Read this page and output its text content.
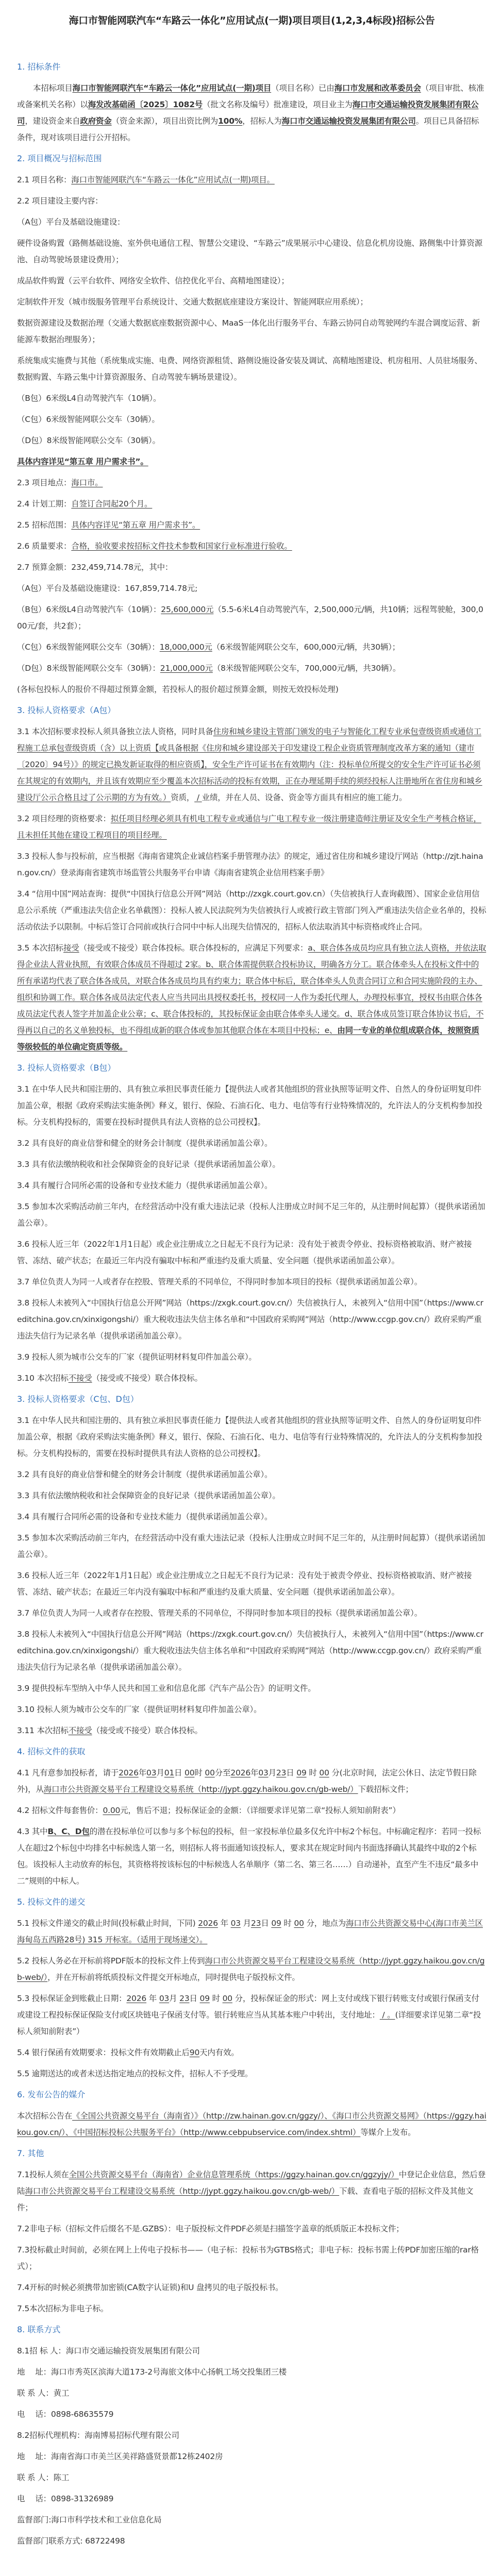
海口市智能网联汽车“车路云一体化”应用试点(一期)项目项目(1,2,3,4标段)招标公告
1. 招标条件

本招标项目海口市智能网联汽车“车路云一体化”应用试点(一期)项目（项目名称）已由海口市发展和改革委员会（项目审批、核准或备案机关名称）以海发改基础函〔2025〕1082号（批文名称及编号）批准建设，项目业主为海口市交通运输投资发展集团有限公司，建设资金来自政府资金（资金来源），项目出资比例为100%，招标人为海口市交通运输投资发展集团有限公司。项目已具备招标条件，现对该项目进行公开招标。

2. 项目概况与招标范围

2.1 项目名称：海口市智能网联汽车“车路云一体化”应用试点(一期)项目。

2.2 项目建设主要内容：

（A包）平台及基础设施建设：

硬件设备购置（路侧基础设施、室外供电通信工程、智慧公交建设、“车路云”成果展示中心建设、信息化机房设施、路侧集中计算资源池、自动驾驶场景建设费用）；

成品软件购置（云平台软件、网络安全软件、信控优化平台、高精地图建设）；

定制软件开发（城市级服务管理平台系统设计、交通大数据底座建设方案设计、智能网联应用系统）；

数据资源建设及数据治理（交通大数据底座数据资源中心、MaaS一体化出行服务平台、车路云协同自动驾驶网约车混合调度运营、新能源车数据治理服务）；

系统集成实施费与其他（系统集成实施、电费、网络资源租赁、路侧设施设备安装及调试、高精地图建设、机房租用、人员驻场服务、数据购置、车路云集中计算资源服务、自动驾驶车辆场景建设）。

（B包）6米级L4自动驾驶汽车（10辆）。

（C包）6米级智能网联公交车（30辆）。

（D包）8米级智能网联公交车（30辆）。

具体内容详见“第五章 用户需求书”。

2.3 项目地点：海口市。

2.4 计划工期：自签订合同起20个月。

2.5 招标范围：具体内容详见“第五章 用户需求书”。

2.6 质量要求：合格，验收要求按招标文件技术参数和国家行业标准进行验收。

2.7 预算金额：232,459,714.78元，其中：

（A包）平台及基础设施建设：167,859,714.78元;

（B包）6米级L4自动驾驶汽车（10辆）：25,600,000元（5.5-6米L4自动驾驶汽车，2,500,000元/辆，共10辆；远程驾驶舱，300,000元/套，共2套）；

（C包）6米级智能网联公交车（30辆）：18,000,000元（6米级智能网联公交车，600,000元/辆，共30辆）；

（D包）8米级智能网联公交车（30辆）：21,000,000元（8米级智能网联公交车，700,000元/辆，共30辆）。

(各标包投标人的报价不得超过预算金额，若投标人的报价超过预算金额，则按无效投标处理)

3. 投标人资格要求（A包）

3.1 本次招标要求投标人须具备独立法人资格，同时具备住房和城乡建设主管部门颁发的电子与智能化工程专业承包壹级资质或通信工程施工总承包壹级资质（含）以上资质【或具备根据《住房和城乡建设部关于印发建设工程企业资质管理制度改革方案的通知（建市〔2020〕94号）》的规定已换发新证取得的相应资质】，安全生产许可证书在有效期内（注：投标单位所提交的安全生产许可证书必须在其规定的有效期内，并且该有效期应至少覆盖本次招标活动的投标有效期，正在办理延期手续的须经投标人注册地所在省住房和城乡建设厅公示合格且过了公示期的方为有效。）资质， / 业绩，并在人员、设备、资金等方面具有相应的施工能力。

3.2 项目经理的资格要求：拟任项目经理必须具有机电工程专业或通信与广电工程专业一级注册建造师注册证及安全生产考核合格证，且未担任其他在建设工程项目的项目经理。

3.3 投标人参与投标前，应当根据《海南省建筑企业诚信档案手册管理办法》的规定，通过省住房和城乡建设厅网站（http://zjt.hainan.gov.cn/）登录海南省建筑市场监管公共服务平台申请《海南省建筑企业信用档案手册》

3.4 “信用中国”网站查询：提供“中国执行信息公开网”网站（http://zxgk.court.gov.cn）（失信被执行人查询截图）、国家企业信用信息公示系统（严重违法失信企业名单截图）：投标人被人民法院列为失信被执行人或被行政主管部门列入严重违法失信企业名单的，投标活动依法予以限制。中标后签订合同前或执行合同中中标人出现失信情况的，招标人依法取消其中标资格或终止合同。

3.5 本次招标接受（接受或不接受）联合体投标。联合体投标的，应满足下列要求：a、联合体各成员均应具有独立法人资格，并依法取得企业法人营业执照，有效联合体成员不得超过 2家。b、联合体需提供联合投标协议，明确各方分工。联合体牵头人在投标文件中的所有承诺均代表了联合体各成员，对联合体各成员均具有约束力；联合体中标后，联合体牵头人负责合同订立和合同实施阶段的主办、组织和协调工作。联合体各成员法定代表人应当共同出具授权委托书，授权同一人作为委托代理人，办理投标事宜，授权书由联合体各成员法定代表人签字并加盖企业公章；c、联合体投标的，其投标保证金由联合体牵头人递交。d、联合体成员签订联合体协议书后，不得再以自己的名义单独投标，也不得组成新的联合体或参加其他联合体在本项目中投标；e、由同一专业的单位组成联合体，按照资质等级较低的单位确定资质等级。

3. 投标人资格要求（B包）

3.1 在中华人民共和国注册的、具有独立承担民事责任能力【提供法人或者其他组织的营业执照等证明文件、自然人的身份证明复印件加盖公章，根据《政府采购法实施条例》释义，银行、保险、石油石化、电力、电信等有行业特殊情况的，允许法人的分支机构参加投标。分支机构投标的，需要在投标时提供具有法人资格的总公司授权】。

3.2 具有良好的商业信誉和健全的财务会计制度（提供承诺函加盖公章）。

3.3 具有依法缴纳税收和社会保障资金的良好记录（提供承诺函加盖公章）。

3.4 具有履行合同所必需的设备和专业技术能力（提供承诺函加盖公章）。

3.5 参加本次采购活动前三年内，在经营活动中没有重大违法记录（投标人注册成立时间不足三年的，从注册时间起算）（提供承诺函加盖公章）。

3.6 投标人近三年（2022年1月1日起）或企业注册成立之日起无不良行为记录：没有处于被责令停业、投标资格被取消、财产被接管、冻结、破产状态；在最近三年内没有骗取中标和严重违约及重大质量、安全问题（提供承诺函加盖公章）。

3.7 单位负责人为同一人或者存在控股、管理关系的不同单位，不得同时参加本项目的投标（提供承诺函加盖公章）。

3.8 投标人未被列入“中国执行信息公开网”网站（https://zxgk.court.gov.cn/）失信被执行人，未被列入“信用中国”（https://www.creditchina.gov.cn/xinxigongshi/）重大税收违法失信主体名单和“中国政府采购网”网站（http://www.ccgp.gov.cn/）政府采购严重违法失信行为记录名单（提供承诺函加盖公章）。

3.9 投标人须为城市公交车的厂家（提供证明材料复印件加盖公章）。

3.10 本次招标不接受（接受或不接受）联合体投标。

3. 投标人资格要求（C包、D包）

3.1 在中华人民共和国注册的、具有独立承担民事责任能力【提供法人或者其他组织的营业执照等证明文件、自然人的身份证明复印件加盖公章，根据《政府采购法实施条例》释义，银行、保险、石油石化、电力、电信等有行业特殊情况的，允许法人的分支机构参加投标。分支机构投标的，需要在投标时提供具有法人资格的总公司授权】。

3.2 具有良好的商业信誉和健全的财务会计制度（提供承诺函加盖公章）。

3.3 具有依法缴纳税收和社会保障资金的良好记录（提供承诺函加盖公章）。

3.4 具有履行合同所必需的设备和专业技术能力（提供承诺函加盖公章）。

3.5 参加本次采购活动前三年内，在经营活动中没有重大违法记录（投标人注册成立时间不足三年的，从注册时间起算）（提供承诺函加盖公章）。

3.6 投标人近三年（2022年1月1日起）或企业注册成立之日起无不良行为记录：没有处于被责令停业、投标资格被取消、财产被接管、冻结、破产状态；在最近三年内没有骗取中标和严重违约及重大质量、安全问题（提供承诺函加盖公章）。

3.7 单位负责人为同一人或者存在控股、管理关系的不同单位，不得同时参加本项目的投标（提供承诺函加盖公章）。

3.8 投标人未被列入“中国执行信息公开网”网站（https://zxgk.court.gov.cn/）失信被执行人，未被列入“信用中国”（https://www.creditchina.gov.cn/xinxigongshi/）重大税收违法失信主体名单和“中国政府采购网”网站（http://www.ccgp.gov.cn/）政府采购严重违法失信行为记录名单（提供承诺函加盖公章）。

3.9 提供投标车型纳入中华人民共和国工业和信息化部《汽车产品公告》的证明文件。

3.10 投标人须为城市公交车的厂家（提供证明材料复印件加盖公章）。

3.11 本次招标不接受（接受或不接受）联合体投标。

4. 招标文件的获取

4.1 凡有意参加投标者，请于2026年03月01日 00时 00分至2026年03月23日 09 时 00 分(北京时间，法定公休日、法定节假日除外)，从海口市公共资源交易平台工程建设交易系统（http://jypt.ggzy.haikou.gov.cn/gb-web/）下载招标文件；

4.2 招标文件每套售价：0.00元，售后不退；投标保证金的金额：（详细要求详见第二章“投标人须知前附表”）

4.3 其中B、C、D包的潜在投标单位可以参与多个标包的投标，但一家投标单位最多仅允许中标2个标包。中标确定程序：若同一投标人在超过2个标包中均排名中标候选人第一名，则招标人将书面通知该投标人，要求其在规定时间内书面选择确认其最终中取的2个标包。该投标人主动放弃的标包，其资格将按该标包的中标候选人名单顺序（第二名、第三名……）自动递补，直至产生不违反“最多中二”规则的中标人。

5. 投标文件的递交

5.1 投标文件递交的截止时间(投标截止时间，下同) 2026 年 03 月23日 09 时 00 分，地点为海口市公共资源交易中心(海口市美兰区海甸岛五西路28号) 315 开标室。（适用于现场递交）。

5.2 投标人务必在开标前将PDF版本的投标文件上传到海口市公共资源交易平台工程建设交易系统（http://jypt.ggzy.haikou.gov.cn/gb-web/），并在开标前将纸质投标文件提交开标地点，同时提供电子版投标文件。

5.3 投标保证金到账截止日期：2026 年 03月 23日 09 时 00 分，投标保证金的形式：网上支付或线下银行转账支付或银行保函支付或建设工程投标保证保险支付或区块链电子保函支付等。银行转账应当从其基本账户中转出，支付地址： / 。(详细要求详见第二章“投标人须知前附表”）

5.4 银行保函有效期要求：投标文件有效期截止后90天内有效。

5.5 逾期送达的或者未送达指定地点的投标文件，招标人不予受理。

6. 发布公告的媒介

本次招标公告在《全国公共资源交易平台（海南省）》（http://zw.hainan.gov.cn/ggzy/）、《海口市公共资源交易网》（https://ggzy.haikou.gov.cn/）、《中国招标投标公共服务平台》（http://www.cebpubservice.com/index.shtml）等媒介上发布。

7. 其他

7.1投标人须在全国公共资源交易平台（海南省）企业信息管理系统（https://ggzy.hainan.gov.cn/ggzyjy/）中登记企业信息，然后登陆海口市公共资源交易平台工程建设交易系统（http://jypt.ggzy.haikou.gov.cn/gb-web/）下载、查看电子版的招标文件及其他文件；

7.2非电子标（招标文件后缀名不是.GZBS）：电子版投标文件PDF必须是扫描签字盖章的纸质版正本投标文件；

7.3投标截止时间前，必须在网上上传电子投标书——（电子标：投标书为GTBS格式；非电子标：投标书需上传PDF加密压缩的rar格式）；

7.4开标的时候必须携带加密锁(CA数字认证锁)和U 盘拷贝的电子版投标书。

7.5本次招标为非电子标。

8. 联系方式

8.1招 标 人：海口市交通运输投资发展集团有限公司

地　 址：海口市秀英区滨海大道173-2号海旅文体中心扬帆工场交投集团三楼

联 系 人：黄工

电　 话：0898-68635579

8.2招标代理机构：海南博易招标代理有限公司

地　 址：海南省海口市美兰区美祥路盛贤景都12栋2402房

联 系 人：陈工

电　 话：0898-31326989

监督部门:海口市科学技术和工业信息化局

监督部门联系方式: 68722498
